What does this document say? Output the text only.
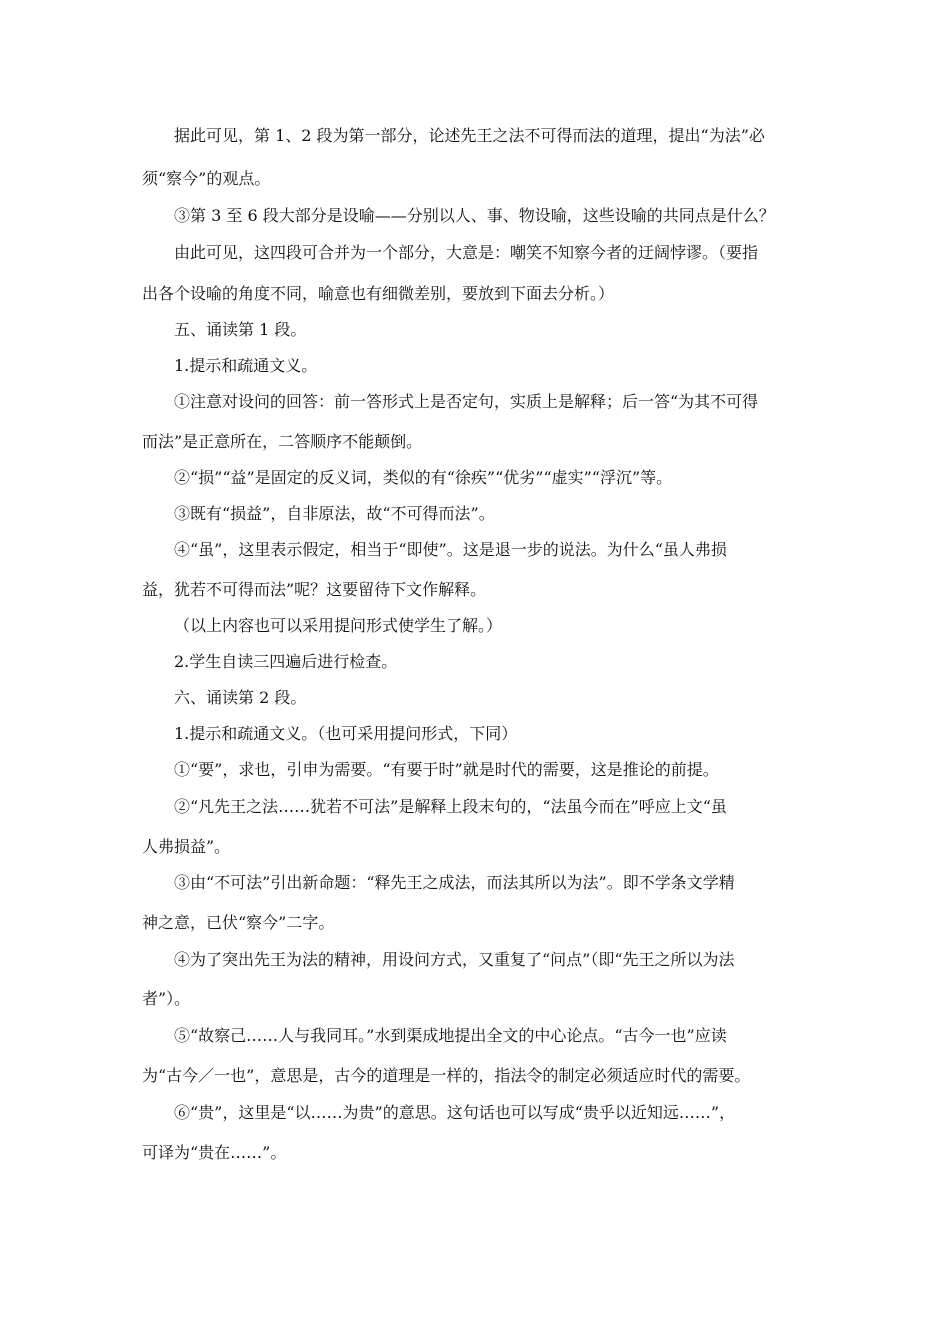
据此可见，第 1、2 段为第一部分，论述先王之法不可得而法的道理，提出“为法”必
须“察今”的观点。
③第 3 至 6 段大部分是设喻——分别以人、事、物设喻，这些设喻的共同点是什么？
由此可见，这四段可合并为一个部分，大意是：嘲笑不知察今者的迂阔悖谬。（要指
出各个设喻的角度不同，喻意也有细微差别，要放到下面去分析。）
五、诵读第 1 段。
1.提示和疏通文义。
①注意对设问的回答：前一答形式上是否定句，实质上是解释；后一答“为其不可得
而法”是正意所在，二答顺序不能颠倒。
②“损”“益”是固定的反义词，类似的有“徐疾”“优劣”“虚实”“浮沉”等。
③既有“损益”，自非原法，故“不可得而法”。
④“虽”，这里表示假定，相当于“即使”。这是退一步的说法。为什么“虽人弗损
益，犹若不可得而法”呢？这要留待下文作解释。
（以上内容也可以采用提问形式使学生了解。）
2.学生自读三四遍后进行检查。
六、诵读第 2 段。
1.提示和疏通文义。（也可采用提问形式，下同）
①“要”，求也，引申为需要。“有要于时”就是时代的需要，这是推论的前提。
②“凡先王之法……犹若不可法”是解释上段末句的，“法虽今而在”呼应上文“虽
人弗损益”。
③由“不可法”引出新命题：“释先王之成法，而法其所以为法”。即不学条文学精
神之意，已伏“察今”二字。
④为了突出先王为法的精神，用设问方式，又重复了“问点”（即“先王之所以为法
者”）。
⑤“故察己……人与我同耳。”水到渠成地提出全文的中心论点。“古今一也”应读
为“古今／一也”，意思是，古今的道理是一样的，指法令的制定必须适应时代的需要。
⑥“贵”，这里是“以……为贵”的意思。这句话也可以写成“贵乎以近知远……”，
可译为“贵在……”。
